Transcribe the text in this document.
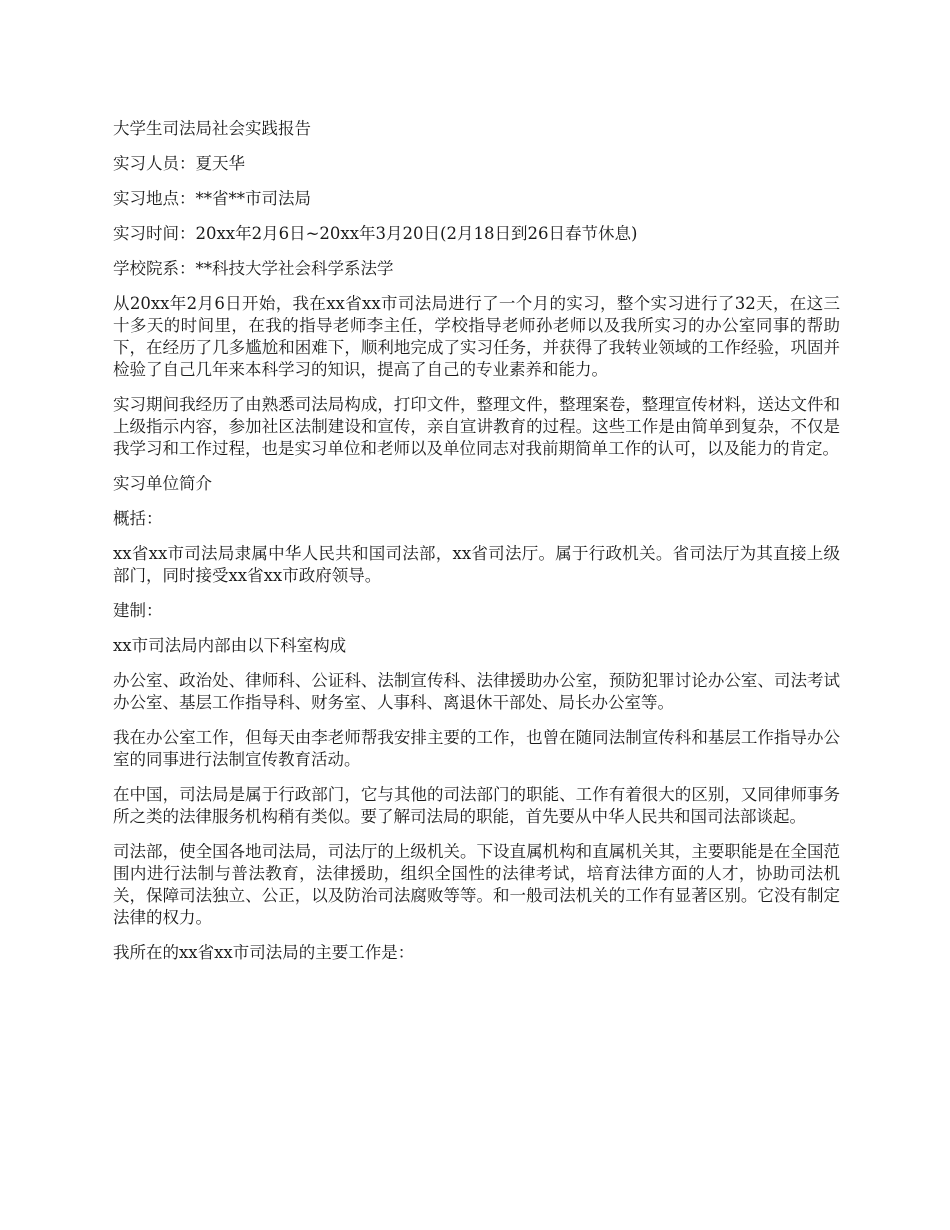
大学生司法局社会实践报告

实习人员：夏天华

实习地点：**省**市司法局

实习时间：20xx年2月6日~20xx年3月20日(2月18日到26日春节休息)

学校院系：**科技大学社会科学系法学

从20xx年2月6日开始，我在xx省xx市司法局进行了一个月的实习，整个实习进行了32天，在这三十多天的时间里，在我的指导老师李主任，学校指导老师孙老师以及我所实习的办公室同事的帮助下，在经历了几多尴尬和困难下，顺利地完成了实习任务，并获得了我转业领域的工作经验，巩固并检验了自己几年来本科学习的知识，提高了自己的专业素养和能力。

实习期间我经历了由熟悉司法局构成，打印文件，整理文件，整理案卷，整理宣传材料，送达文件和上级指示内容，参加社区法制建设和宣传，亲自宣讲教育的过程。这些工作是由简单到复杂，不仅是我学习和工作过程，也是实习单位和老师以及单位同志对我前期简单工作的认可，以及能力的肯定。

实习单位简介

概括：

xx省xx市司法局隶属中华人民共和国司法部，xx省司法厅。属于行政机关。省司法厅为其直接上级部门，同时接受xx省xx市政府领导。

建制：

xx市司法局内部由以下科室构成

办公室、政治处、律师科、公证科、法制宣传科、法律援助办公室，预防犯罪讨论办公室、司法考试办公室、基层工作指导科、财务室、人事科、离退休干部处、局长办公室等。

我在办公室工作，但每天由李老师帮我安排主要的工作，也曾在随同法制宣传科和基层工作指导办公室的同事进行法制宣传教育活动。

在中国，司法局是属于行政部门，它与其他的司法部门的职能、工作有着很大的区别，又同律师事务所之类的法律服务机构稍有类似。要了解司法局的职能，首先要从中华人民共和国司法部谈起。

司法部，使全国各地司法局，司法厅的上级机关。下设直属机构和直属机关其，主要职能是在全国范围内进行法制与普法教育，法律援助，组织全国性的法律考试，培育法律方面的人才，协助司法机关，保障司法独立、公正，以及防治司法腐败等等。和一般司法机关的工作有显著区别。它没有制定法律的权力。

我所在的xx省xx市司法局的主要工作是：
